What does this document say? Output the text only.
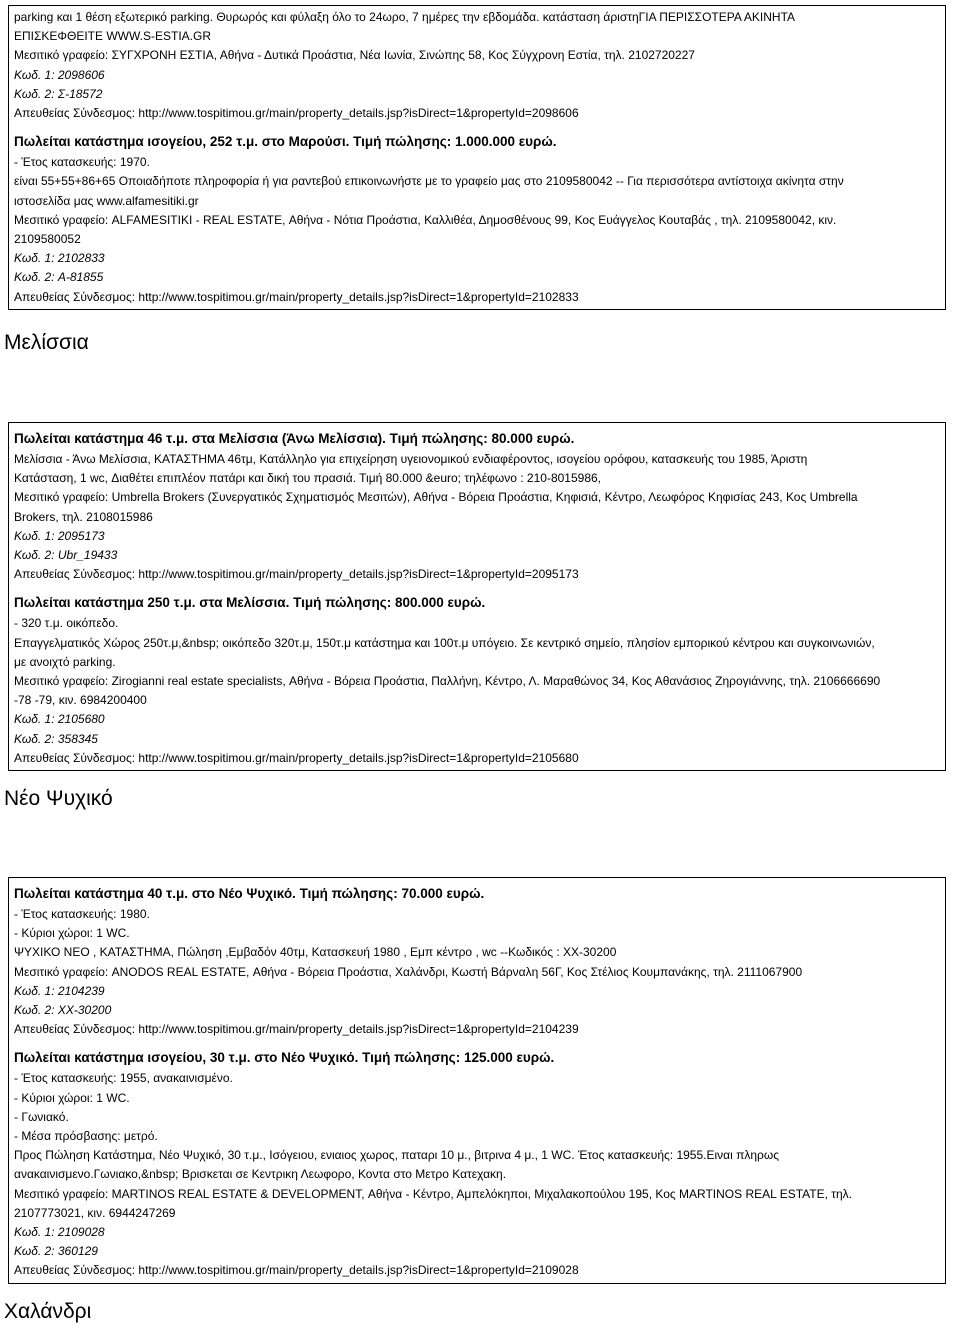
parking και 1 θέση εξωτερικό parking. Θυρωρός και φύλαξη όλο το 24ωρο, 7 ημέρες την εβδομάδα. κατάσταση άριστηΓΙΑ ΠΕΡΙΣΣΟΤΕΡΑ ΑΚΙΝΗΤΑ
ΕΠΙΣΚΕΦΘΕΙΤΕ WWW.S-ESTIA.GR
Μεσιτικό γραφείο: ΣΥΓΧΡΟΝΗ ΕΣΤΙΑ, Αθήνα - Δυτικά Προάστια, Νέα Ιωνία, Σινώπης 58, Κος Σύγχρονη Εστία, τηλ. 2102720227
Κωδ. 1: 2098606
Κωδ. 2: Σ-18572
Απευθείας Σύνδεσμος: http://www.tospitimou.gr/main/property_details.jsp?isDirect=1&propertyId=2098606
Πωλείται κατάστημα ισογείου, 252 τ.μ. στο Μαρούσι. Τιμή πώλησης: 1.000.000 ευρώ.
- Έτος κατασκευής: 1970.
είναι 55+55+86+65 Οποιαδήποτε πληροφορία ή για ραντεβού επικοινωνήστε με το γραφείο μας στο 2109580042 -- Για περισσότερα αντίστοιχα ακίνητα στην
ιστοσελίδα μας www.alfamesitiki.gr
Μεσιτικό γραφείο: ALFAMESITIKI - REAL ESTATE, Αθήνα - Νότια Προάστια, Καλλιθέα, Δημοσθένους 99, Κος Ευάγγελος Κουταβάς , τηλ. 2109580042, κιν.
2109580052
Κωδ. 1: 2102833
Κωδ. 2: A-81855
Απευθείας Σύνδεσμος: http://www.tospitimou.gr/main/property_details.jsp?isDirect=1&propertyId=2102833
Μελίσσια
Πωλείται κατάστημα 46 τ.μ. στα Μελίσσια (Άνω Μελίσσια). Τιμή πώλησης: 80.000 ευρώ.
Μελίσσια - Άνω Μελίσσια, ΚΑΤΑΣΤΗΜΑ 46τμ, Κατάλληλο για επιχείρηση υγειονομικού ενδιαφέροντος, ισογείου ορόφου, κατασκευής του 1985, Άριστη
Κατάσταση, 1 wc, Διαθέτει επιπλέον πατάρι και δική του πρασιά. Τιμή 80.000 &euro; τηλέφωνο : 210-8015986,
Μεσιτικό γραφείο: Umbrella Brokers (Συνεργατικός Σχηματισμός Μεσιτών), Αθήνα - Βόρεια Προάστια, Κηφισιά, Κέντρο, Λεωφόρος Κηφισίας 243, Κος Umbrella
Brokers, τηλ. 2108015986
Κωδ. 1: 2095173
Κωδ. 2: Ubr_19433
Απευθείας Σύνδεσμος: http://www.tospitimou.gr/main/property_details.jsp?isDirect=1&propertyId=2095173
Πωλείται κατάστημα 250 τ.μ. στα Μελίσσια. Τιμή πώλησης: 800.000 ευρώ.
- 320 τ.μ. οικόπεδο.
Επαγγελματικός Χώρος 250τ.μ,&nbsp; οικόπεδο 320τ.μ, 150τ.μ κατάστημα και 100τ.μ υπόγειο. Σε κεντρικό σημείο, πλησίον εμπορικού κέντρου και συγκοινωνιών,
με ανοιχτό parking.
Μεσιτικό γραφείο: Zirogianni real estate specialists, Αθήνα - Βόρεια Προάστια, Παλλήνη, Κέντρο, Λ. Μαραθώνος 34, Κος Αθανάσιος Ζηρογιάννης, τηλ. 2106666690
-78 -79, κιν. 6984200400
Κωδ. 1: 2105680
Κωδ. 2: 358345
Απευθείας Σύνδεσμος: http://www.tospitimou.gr/main/property_details.jsp?isDirect=1&propertyId=2105680
Νέο Ψυχικό
Πωλείται κατάστημα 40 τ.μ. στο Νέο Ψυχικό. Τιμή πώλησης: 70.000 ευρώ.
- Έτος κατασκευής: 1980.
- Κύριοι χώροι: 1 WC.
ΨΥΧΙΚΟ ΝΕΟ , ΚΑΤΑΣΤΗΜΑ, Πώληση ,Εμβαδόν 40τμ, Κατασκευή 1980 , Εμπ κέντρο , wc --Κωδικός : XX-30200
Μεσιτικό γραφείο: ANODOS REAL ESTATE, Αθήνα - Βόρεια Προάστια, Χαλάνδρι, Κωστή Βάρναλη 56Γ, Κος Στέλιος Κουμπανάκης, τηλ. 2111067900
Κωδ. 1: 2104239
Κωδ. 2: XX-30200
Απευθείας Σύνδεσμος: http://www.tospitimou.gr/main/property_details.jsp?isDirect=1&propertyId=2104239
Πωλείται κατάστημα ισογείου, 30 τ.μ. στο Νέο Ψυχικό. Τιμή πώλησης: 125.000 ευρώ.
- Έτος κατασκευής: 1955, ανακαινισμένο.
- Κύριοι χώροι: 1 WC.
- Γωνιακό.
- Μέσα πρόσβασης: μετρό.
Προς Πώληση Κατάστημα, Νέο Ψυχικό, 30 τ.μ., Ισόγειου, ενιαιος χωρος, παταρι 10 μ., βιτρινα 4 μ., 1 WC. Έτος κατασκευής: 1955.Ειναι πληρως
ανακαινισμενο.Γωνιακο,&nbsp; Βρισκεται σε Κεντρικη Λεωφορο, Κοντα στο Μετρο Κατεχακη.
Μεσιτικό γραφείο: MARTINOS REAL ESTATE & DEVELOPMENT, Αθήνα - Κέντρο, Αμπελόκηποι, Μιχαλακοπούλου 195, Κος MARTINOS REAL ESTATE, τηλ.
2107773021, κιν. 6944247269
Κωδ. 1: 2109028
Κωδ. 2: 360129
Απευθείας Σύνδεσμος: http://www.tospitimou.gr/main/property_details.jsp?isDirect=1&propertyId=2109028
Χαλάνδρι
